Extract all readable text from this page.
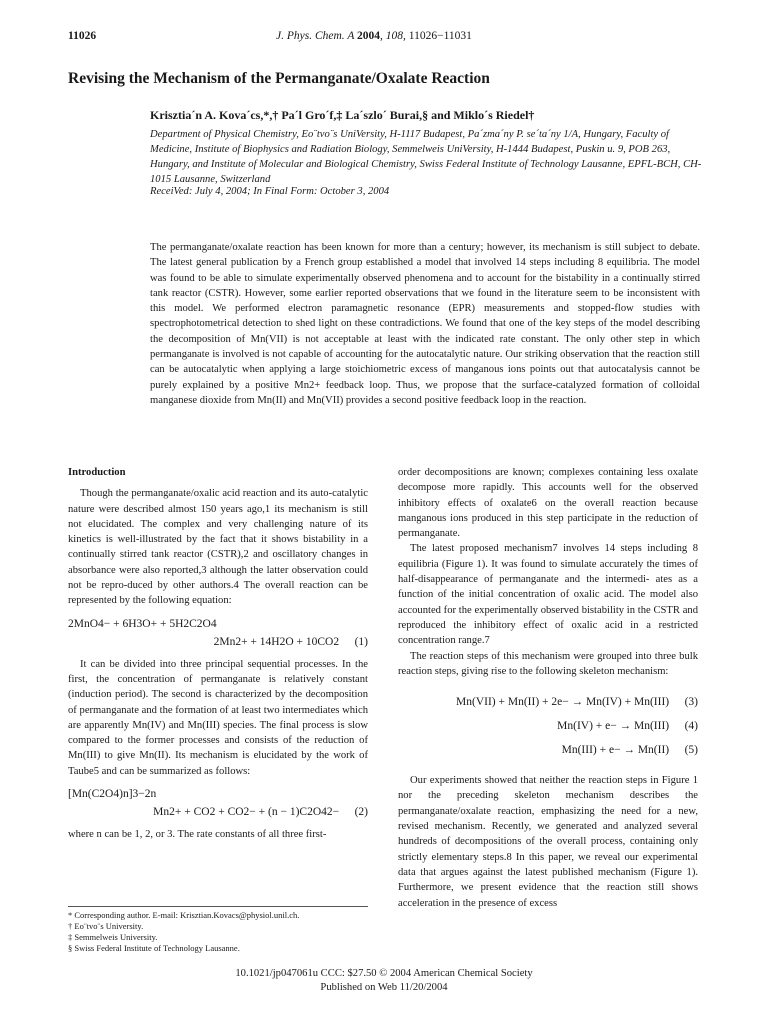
11026	J. Phys. Chem. A 2004, 108, 11026−11031
Revising the Mechanism of the Permanganate/Oxalate Reaction
Krisztia´n A. Kova´cs,*,† Pa´l Gro´f,‡ La´szlo´ Burai,§ and Miklo´s Riedel†
Department of Physical Chemistry, Eo¨tvo¨s UniVersity, H-1117 Budapest, Pa´zma´ny P. se´ta´ny 1/A, Hungary, Faculty of Medicine, Institute of Biophysics and Radiation Biology, Semmelweis UniVersity, H-1444 Budapest, Puskin u. 9, POB 263, Hungary, and Institute of Molecular and Biological Chemistry, Swiss Federal Institute of Technology Lausanne, EPFL-BCH, CH-1015 Lausanne, Switzerland
ReceiVed: July 4, 2004; In Final Form: October 3, 2004
The permanganate/oxalate reaction has been known for more than a century; however, its mechanism is still subject to debate. The latest general publication by a French group established a model that involved 14 steps including 8 equilibria. The model was found to be able to simulate experimentally observed phenomena and to account for the bistability in a continually stirred tank reactor (CSTR). However, some earlier reported observations that we found in the literature seem to be inconsistent with this model. We performed electron paramagnetic resonance (EPR) measurements and stopped-flow studies with spectrophotometrical detection to shed light on these contradictions. We found that one of the key steps of the model describing the decomposition of Mn(VII) is not acceptable at least with the indicated rate constant. The only other step in which permanganate is involved is not capable of accounting for the autocatalytic nature. Our striking observation that the reaction still can be autocatalytic when applying a large stoichiometric excess of manganous ions points out that autocatalysis cannot be purely explained by a positive Mn2+ feedback loop. Thus, we propose that the surface-catalyzed formation of colloidal manganese dioxide from Mn(II) and Mn(VII) provides a second positive feedback loop in the reaction.
Introduction

Though the permanganate/oxalic acid reaction and its auto-catalytic nature were described almost 150 years ago,1 its mechanism is still not elucidated. The complex and very challenging nature of its kinetics is well-illustrated by the fact that it shows bistability in a continually stirred tank reactor (CSTR),2 and oscillatory changes in absorbance were also reported,3 although the latter observation could not be repro-duced by other authors.4 The overall reaction can be represented by the following equation:

2MnO4− + 6H3O+ + 5H2C2O4
2Mn2+ + 14H2O + 10CO2 (1)

It can be divided into three principal sequential processes. In the first, the concentration of permanganate is relatively constant (induction period). The second is characterized by the decomposition of permanganate and the formation of at least two intermediates which are apparently Mn(IV) and Mn(III) species. The final process is slow compared to the former processes and consists of the reduction of Mn(III) to give Mn(II). Its mechanism is elucidated by the work of Taube5 and can be summarized as follows:

[Mn(C2O4)n]3−2n
Mn2+ + CO2 + CO2− + (n − 1)C2O42− (2)

where n can be 1, 2, or 3. The rate constants of all three first-

order decompositions are known; complexes containing less oxalate decompose more rapidly. This accounts well for the observed inhibitory effects of oxalate6 on the overall reaction because manganous ions produced in this step participate in the reduction of permanganate.

The latest proposed mechanism7 involves 14 steps including 8 equilibria (Figure 1). It was found to simulate accurately the times of half-disappearance of permanganate and the intermedi- ates as a function of the initial concentration of oxalic acid. The model also accounted for the experimentally observed bistability in the CSTR and reproduced the inhibitory effect of oxalic acid in a restricted concentration range.7

The reaction steps of this mechanism were grouped into three bulk reaction steps, giving rise to the following skeleton mechanism:

Mn(VII) + Mn(II) + 2e− → Mn(IV) + Mn(III) (3)
Mn(IV) + e− → Mn(III) (4)
Mn(III) + e− → Mn(II) (5)

Our experiments showed that neither the reaction steps in Figure 1 nor the preceding skeleton mechanism describes the permanganate/oxalate reaction, emphasizing the need for a new, revised mechanism. Recently, we generated and analyzed several hundreds of decompositions of the overall process, containing only strictly elementary steps.8 In this paper, we reveal our experimental data that argues against the latest published mechanism (Figure 1). Furthermore, we present evidence that the reaction still shows acceleration in the presence of excess

* Corresponding author. E-mail: Krisztian.Kovacs@physiol.unil.ch.
† Eo¨tvo¨s University.
‡ Semmelweis University.
§ Swiss Federal Institute of Technology Lausanne.
10.1021/jp047061u CCC: $27.50 © 2004 American Chemical Society
Published on Web 11/20/2004
